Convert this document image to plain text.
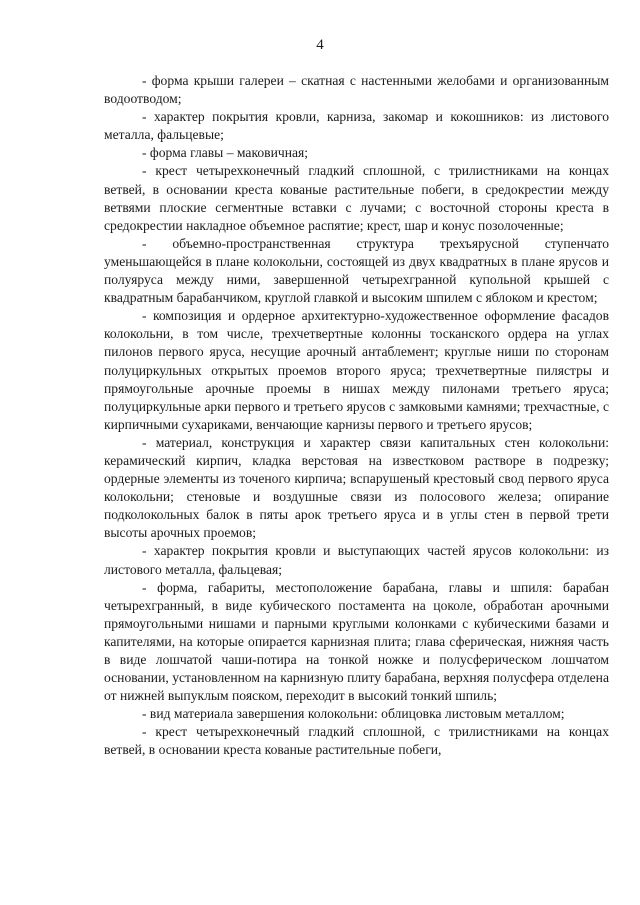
4

- форма крыши галереи – скатная с настенными желобами и организованным водоотводом;

- характер покрытия кровли, карниза, закомар и кокошников: из листового металла, фальцевые;

- форма главы – маковичная;

- крест четырехконечный гладкий сплошной, с трилистниками на концах ветвей, в основании креста кованые растительные побеги, в средокрестии между ветвями плоские сегментные вставки с лучами; с восточной стороны креста в средокрестии накладное объемное распятие; крест, шар и конус позолоченные;

- объемно-пространственная структура трехъярусной ступенчато уменьшающейся в плане колокольни, состоящей из двух квадратных в плане ярусов и полуяруса между ними, завершенной четырехгранной купольной крышей с квадратным барабанчиком, круглой главкой и высоким шпилем с яблоком и крестом;

- композиция и ордерное архитектурно-художественное оформление фасадов колокольни, в том числе, трехчетвертные колонны тосканского ордера на углах пилонов первого яруса, несущие арочный антаблемент; круглые ниши по сторонам полуциркульных открытых проемов второго яруса; трехчетвертные пилястры и прямоугольные арочные проемы в нишах между пилонами третьего яруса; полуциркульные арки первого и третьего ярусов с замковыми камнями; трехчастные, с кирпичными сухариками, венчающие карнизы первого и третьего ярусов;

- материал, конструкция и характер связи капитальных стен колокольни: керамический кирпич, кладка верстовая на известковом растворе в подрезку; ордерные элементы из точеного кирпича; вспарушеный крестовый свод первого яруса колокольни; стеновые и воздушные связи из полосового железа; опирание подколокольных балок в пяты арок третьего яруса и в углы стен в первой трети высоты арочных проемов;

- характер покрытия кровли и выступающих частей ярусов колокольни: из листового металла, фальцевая;

- форма, габариты, местоположение барабана, главы и шпиля: барабан четырехгранный, в виде кубического постамента на цоколе, обработан арочными прямоугольными нишами и парными круглыми колонками с кубическими базами и капителями, на которые опирается карнизная плита; глава сферическая, нижняя часть в виде лошчатой чаши-потира на тонкой ножке и полусферическом лошчатом основании, установленном на карнизную плиту барабана, верхняя полусфера отделена от нижней выпуклым пояском, переходит в высокий тонкий шпиль;

- вид материала завершения колокольни: облицовка листовым металлом;

- крест четырехконечный гладкий сплошной, с трилистниками на концах ветвей, в основании креста кованые растительные побеги,
